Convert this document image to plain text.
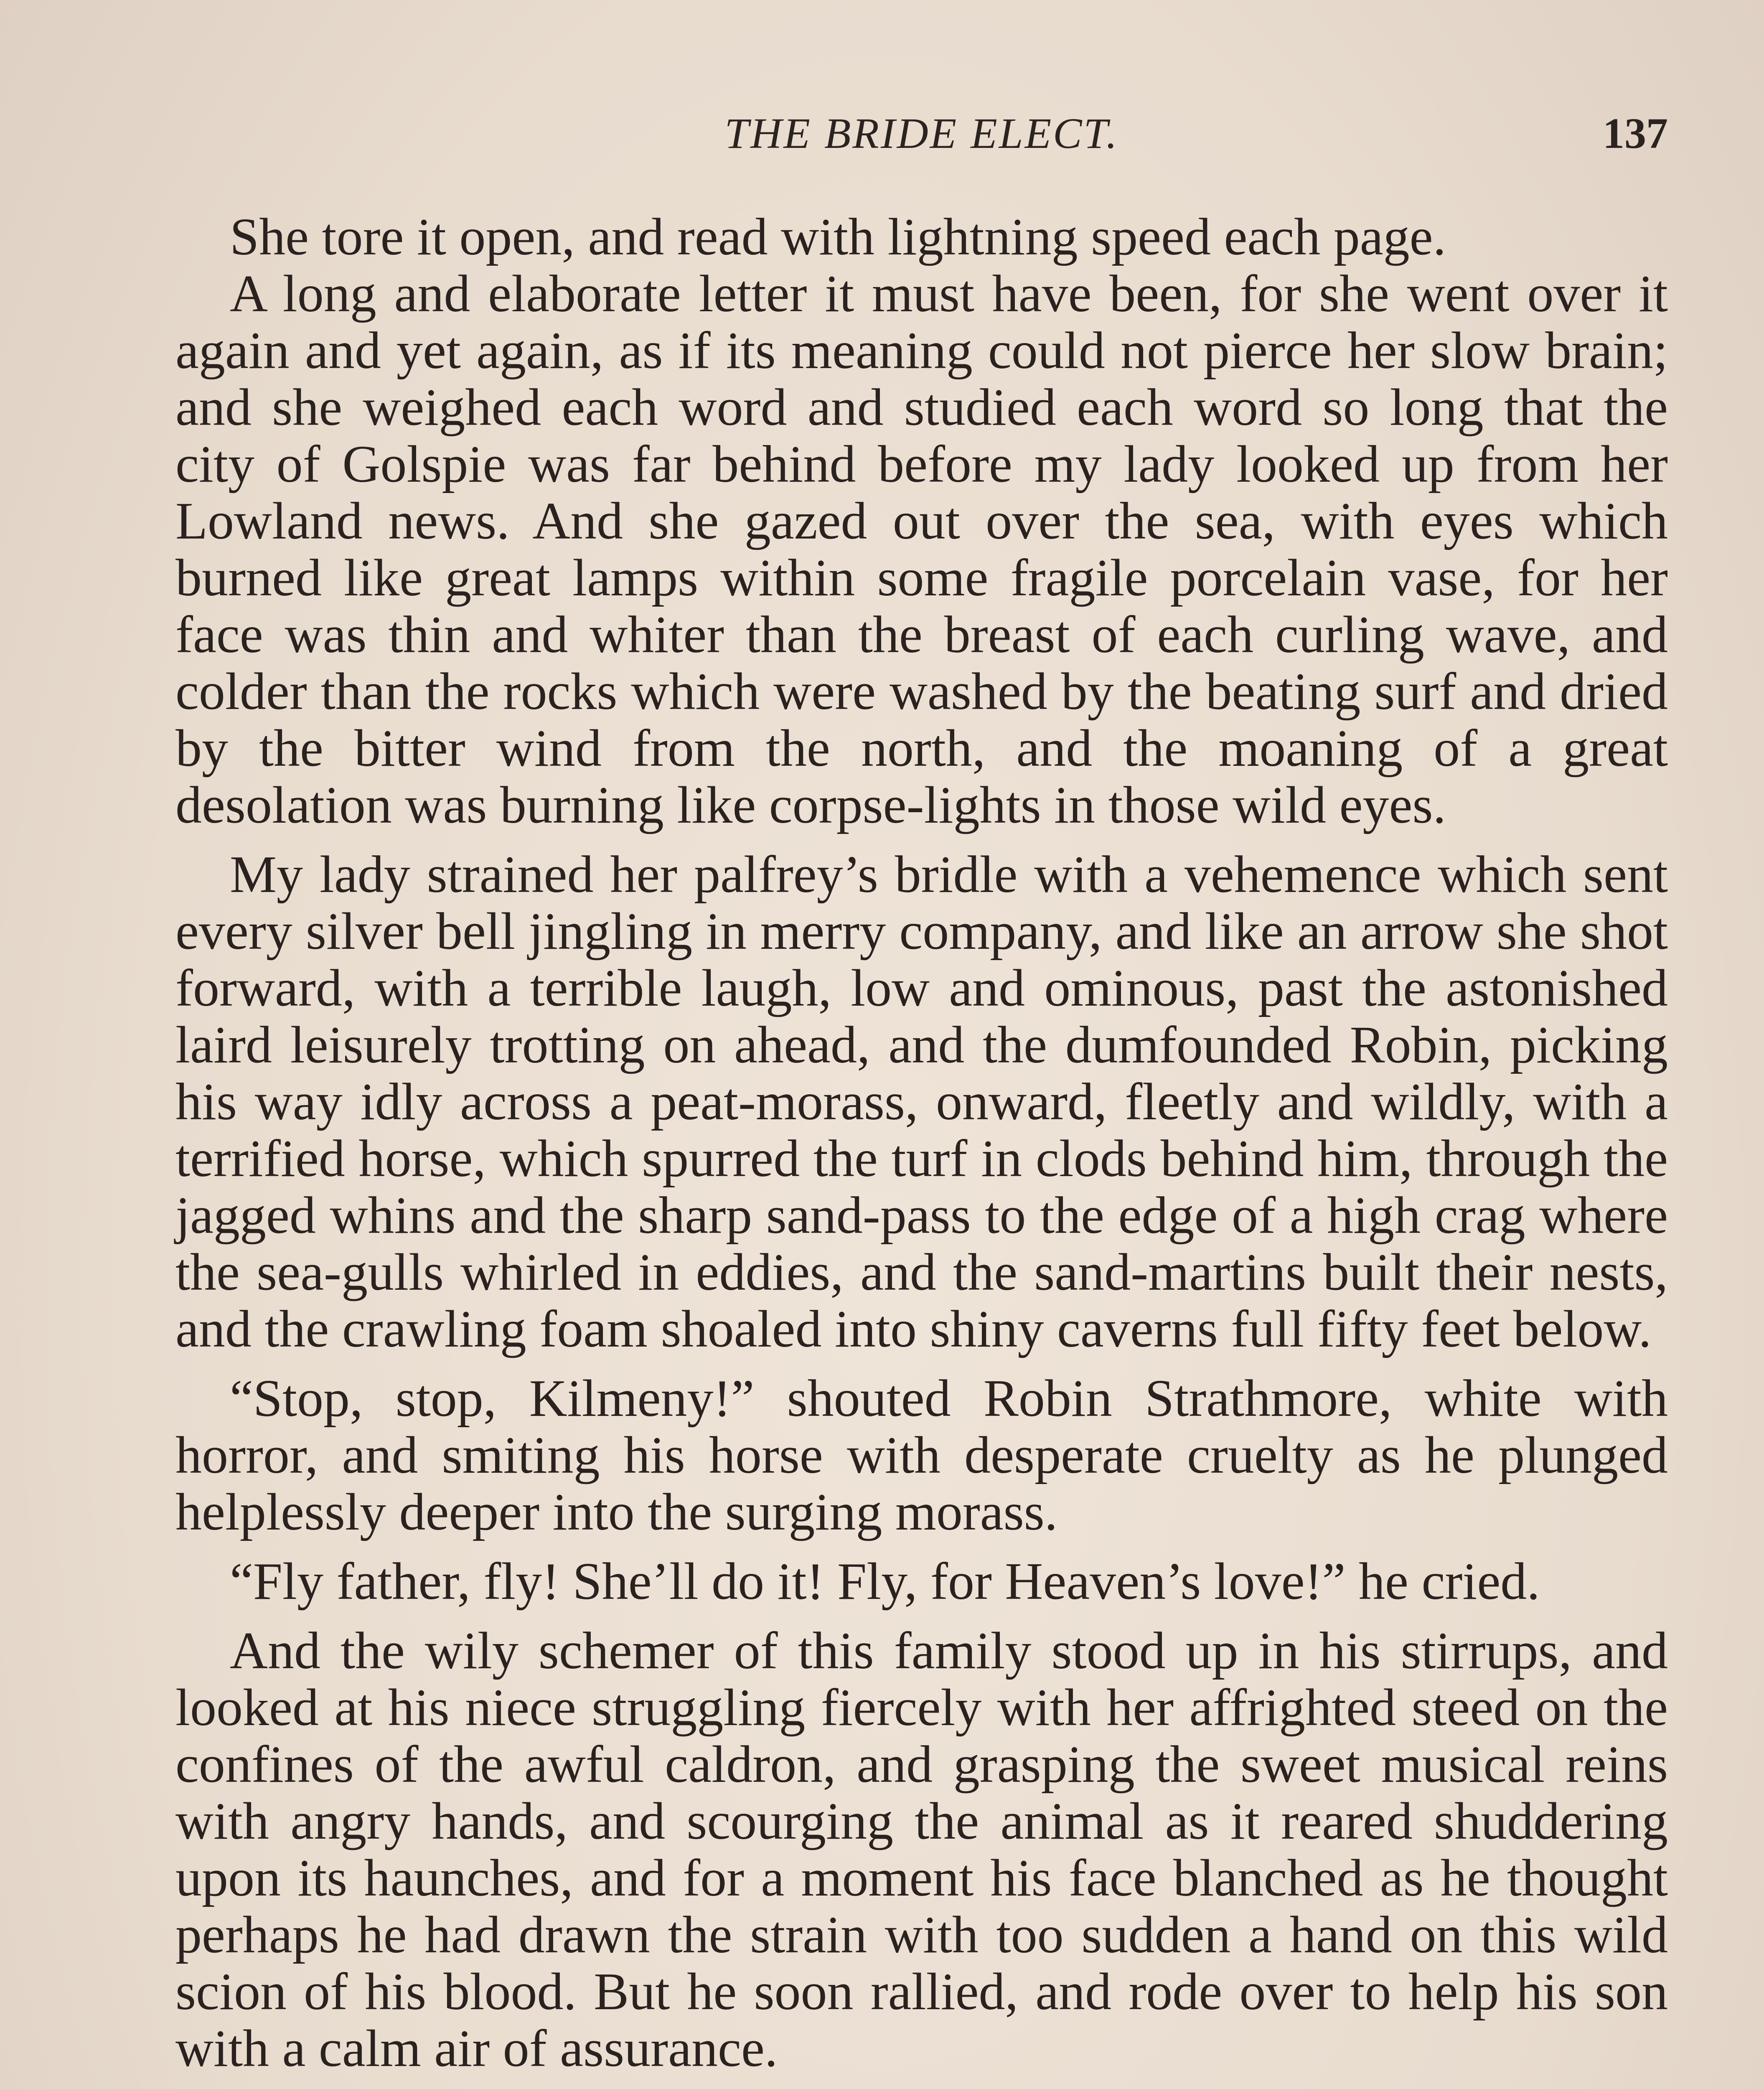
THE BRIDE ELECT.	137

She tore it open, and read with lightning speed each page.

A long and elaborate letter it must have been, for she went over it again and yet again, as if its meaning could not pierce her slow brain; and she weighed each word and studied each word so long that the city of Golspie was far behind before my lady looked up from her Lowland news. And she gazed out over the sea, with eyes which burned like great lamps within some fragile porcelain vase, for her face was thin and whiter than the breast of each curling wave, and colder than the rocks which were washed by the beating surf and dried by the bitter wind from the north, and the moaning of a great desolation was burning like corpse-lights in those wild eyes.

My lady strained her palfrey’s bridle with a vehemence which sent every silver bell jingling in merry company, and like an arrow she shot forward, with a terrible laugh, low and ominous, past the astonished laird leisurely trotting on ahead, and the dumfounded Robin, picking his way idly across a peat-morass, onward, fleetly and wildly, with a terrified horse, which spurred the turf in clods behind him, through the jagged whins and the sharp sand-pass to the edge of a high crag where the sea-gulls whirled in eddies, and the sand-martins built their nests, and the crawling foam shoaled into shiny caverns full fifty feet below.

“Stop, stop, Kilmeny!” shouted Robin Strathmore, white with horror, and smiting his horse with desperate cruelty as he plunged helplessly deeper into the surging morass.

“Fly father, fly! She’ll do it! Fly, for Heaven’s love!” he cried.

And the wily schemer of this family stood up in his stirrups, and looked at his niece struggling fiercely with her affrighted steed on the confines of the awful caldron, and grasping the sweet musical reins with angry hands, and scourging the animal as it reared shuddering upon its haunches, and for a moment his face blanched as he thought perhaps he had drawn the strain with too sudden a hand on this wild scion of his blood. But he soon rallied, and rode over to help his son with a calm air of assurance.
